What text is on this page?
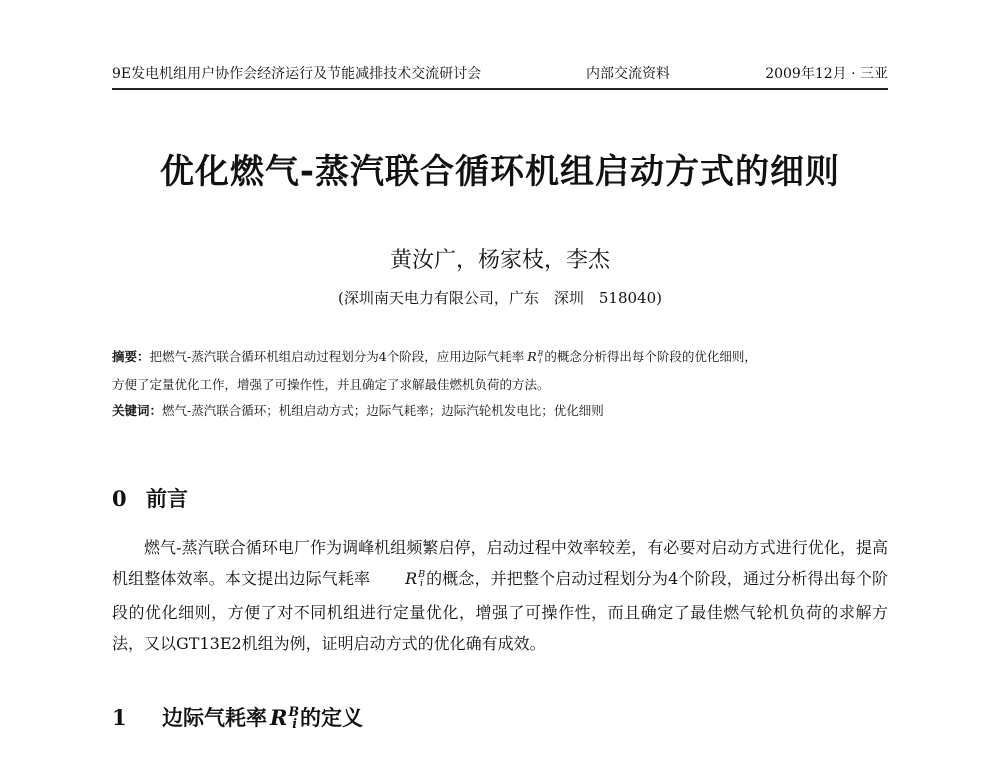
9E发电机组用户协作会经济运行及节能减排技术交流研讨会	内部交流资料	2009年12月 · 三亚
优化燃气-蒸汽联合循环机组启动方式的细则
黄汝广，杨家枝，李杰
(深圳南天电力有限公司，广东　深圳　518040)

摘要：把燃气-蒸汽联合循环机组启动过程划分为4个阶段，应用边际气耗率 $R^Bi$ 的概念分析得出每个阶段的优化细则，

方便了定量优化工作，增强了可操作性，并且确定了求解最佳燃机负荷的方法。

关键词：燃气-蒸汽联合循环；机组启动方式；边际气耗率；边际汽轮机发电比；优化细则
0 前言

燃气-蒸汽联合循环电厂作为调峰机组频繁启停，启动过程中效率较差，有必要对启动方式进行优化，提高机组整体效率。本文提出边际气耗率 $R^Bi$ 的概念，并把整个启动过程划分为4个阶段，通过分析得出每个阶段的优化细则，方便了对不同机组进行定量优化，增强了可操作性，而且确定了最佳燃气轮机负荷的求解方法，又以GT13E2机组为例，证明启动方式的优化确有成效。

1 边际气耗率 $R^Bi$ 的定义
